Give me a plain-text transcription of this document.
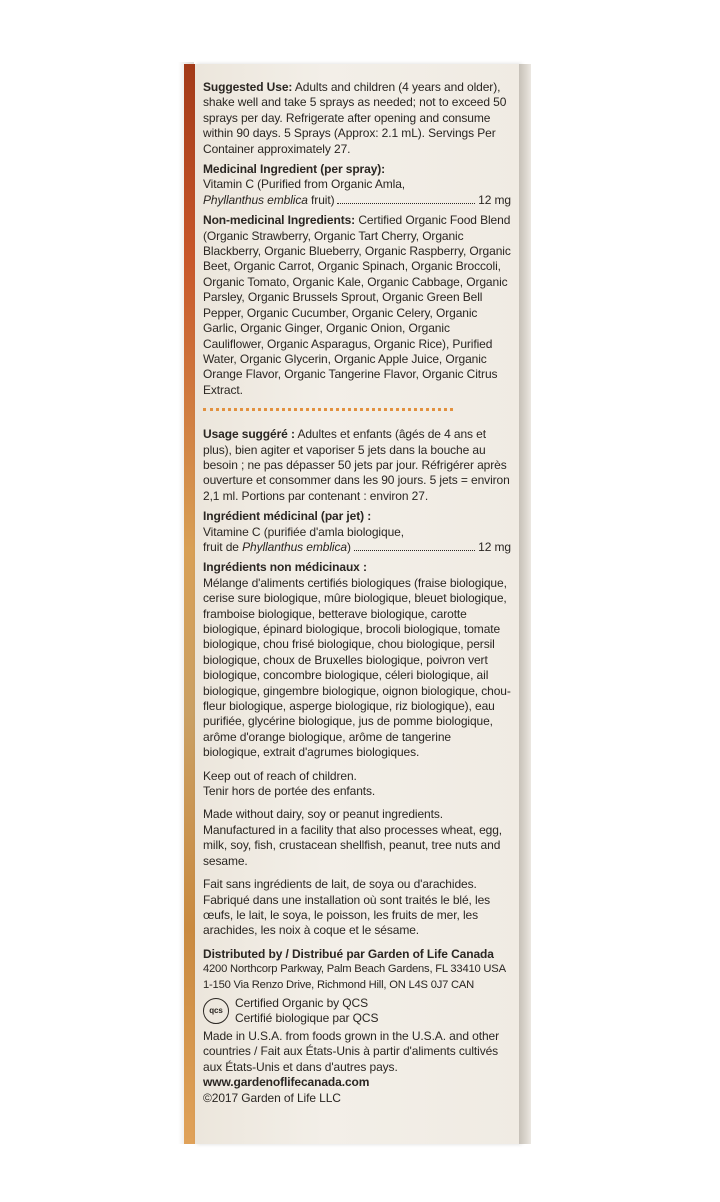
Suggested Use: Adults and children (4 years and older), shake well and take 5 sprays as needed; not to exceed 50 sprays per day. Refrigerate after opening and consume within 90 days. 5 Sprays (Approx: 2.1 mL). Servings Per Container approximately 27.

Medicinal Ingredient (per spray):
Vitamin C (Purified from Organic Amla,
Phyllanthus emblica fruit)	12 mg

Non-medicinal Ingredients: Certified Organic Food Blend (Organic Strawberry, Organic Tart Cherry, Organic Blackberry, Organic Blueberry, Organic Raspberry, Organic Beet, Organic Carrot, Organic Spinach, Organic Broccoli, Organic Tomato, Organic Kale, Organic Cabbage, Organic Parsley, Organic Brussels Sprout, Organic Green Bell Pepper, Organic Cucumber, Organic Celery, Organic Garlic, Organic Ginger, Organic Onion, Organic Cauliflower, Organic Asparagus, Organic Rice), Purified Water, Organic Glycerin, Organic Apple Juice, Organic Orange Flavor, Organic Tangerine Flavor, Organic Citrus Extract.

Usage suggéré : Adultes et enfants (âgés de 4 ans et plus), bien agiter et vaporiser 5 jets dans la bouche au besoin ; ne pas dépasser 50 jets par jour. Réfrigérer après ouverture et consommer dans les 90 jours. 5 jets = environ 2,1 ml. Portions par contenant : environ 27.

Ingrédient médicinal (par jet) :
Vitamine C (purifiée d'amla biologique,
fruit de Phyllanthus emblica)	12 mg
Ingrédients non médicinaux :
Mélange d'aliments certifiés biologiques (fraise biologique, cerise sure biologique, mûre biologique, bleuet biologique, framboise biologique, betterave biologique, carotte biologique, épinard biologique, brocoli biologique, tomate biologique, chou frisé biologique, chou biologique, persil biologique, choux de Bruxelles biologique, poivron vert biologique, concombre biologique, céleri biologique, ail biologique, gingembre biologique, oignon biologique, chou-fleur biologique, asperge biologique, riz biologique), eau purifiée, glycérine biologique, jus de pomme biologique, arôme d'orange biologique, arôme de tangerine biologique, extrait d'agrumes biologiques.

Keep out of reach of children.
Tenir hors de portée des enfants.

Made without dairy, soy or peanut ingredients. Manufactured in a facility that also processes wheat, egg, milk, soy, fish, crustacean shellfish, peanut, tree nuts and sesame.

Fait sans ingrédients de lait, de soya ou d'arachides. Fabriqué dans une installation où sont traités le blé, les œufs, le lait, le soya, le poisson, les fruits de mer, les arachides, les noix à coque et le sésame.

Distributed by / Distribué par Garden of Life Canada
4200 Northcorp Parkway, Palm Beach Gardens, FL 33410 USA
1-150 Via Renzo Drive, Richmond Hill, ON L4S 0J7 CAN
qcs
Certified Organic by QCS
Certifié biologique par QCS

Made in U.S.A. from foods grown in the U.S.A. and other countries / Fait aux États-Unis à partir d'aliments cultivés aux États-Unis et dans d'autres pays.

www.gardenoflifecanada.com
©2017 Garden of Life LLC
